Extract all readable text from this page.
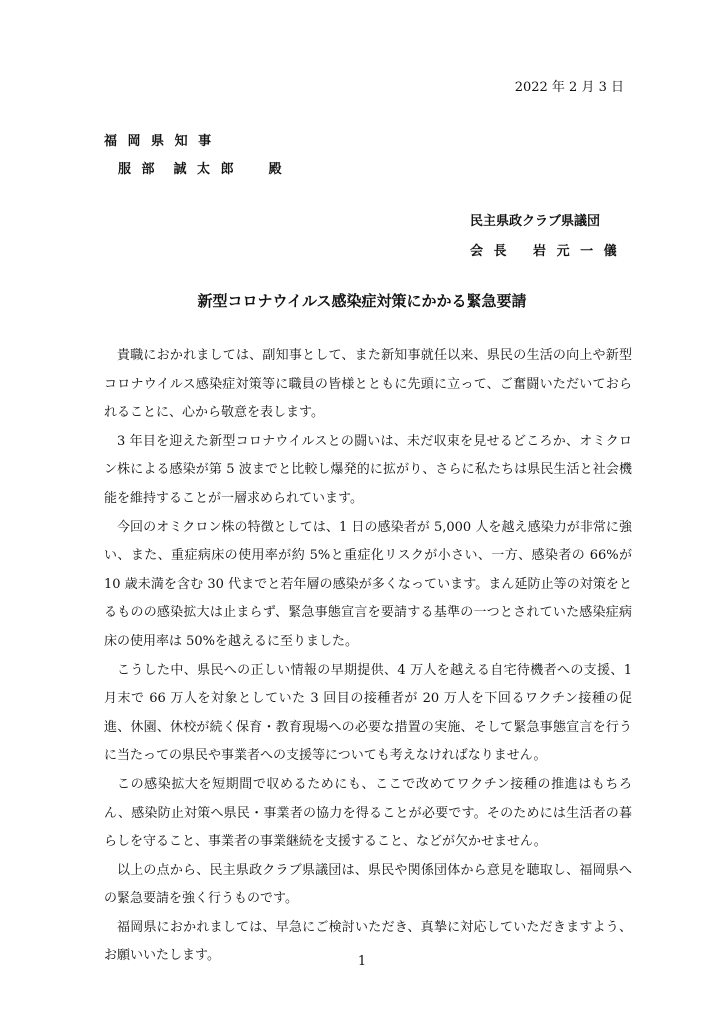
2022 年 2 月 3 日
福 岡 県 知 事
服 部　誠 太 郎　　殿
民主県政クラブ県議団
会 長　 岩 元 一 儀
新型コロナウイルス感染症対策にかかる緊急要請

貴職におかれましては、副知事として、また新知事就任以来、県民の生活の向上や新型コロナウイルス感染症対策等に職員の皆様とともに先頭に立って、ご奮闘いただいておられることに、心から敬意を表します。

3 年目を迎えた新型コロナウイルスとの闘いは、未だ収束を見せるどころか、オミクロン株による感染が第 5 波までと比較し爆発的に拡がり、さらに私たちは県民生活と社会機能を維持することが一層求められています。

今回のオミクロン株の特徴としては、1 日の感染者が 5,000 人を越え感染力が非常に強い、また、重症病床の使用率が約 5%と重症化リスクが小さい、一方、感染者の 66%が 10 歳未満を含む 30 代までと若年層の感染が多くなっています。まん延防止等の対策をとるものの感染拡大は止まらず、緊急事態宣言を要請する基準の一つとされていた感染症病床の使用率は 50%を越えるに至りました。

こうした中、県民への正しい情報の早期提供、4 万人を越える自宅待機者への支援、1 月末で 66 万人を対象としていた 3 回目の接種者が 20 万人を下回るワクチン接種の促進、休園、休校が続く保育・教育現場への必要な措置の実施、そして緊急事態宣言を行うに当たっての県民や事業者への支援等についても考えなければなりません。

この感染拡大を短期間で収めるためにも、ここで改めてワクチン接種の推進はもちろん、感染防止対策へ県民・事業者の協力を得ることが必要です。そのためには生活者の暮らしを守ること、事業者の事業継続を支援すること、などが欠かせません。

以上の点から、民主県政クラブ県議団は、県民や関係団体から意見を聴取し、福岡県への緊急要請を強く行うものです。

福岡県におかれましては、早急にご検討いただき、真摯に対応していただきますよう、お願いいたします。	1
